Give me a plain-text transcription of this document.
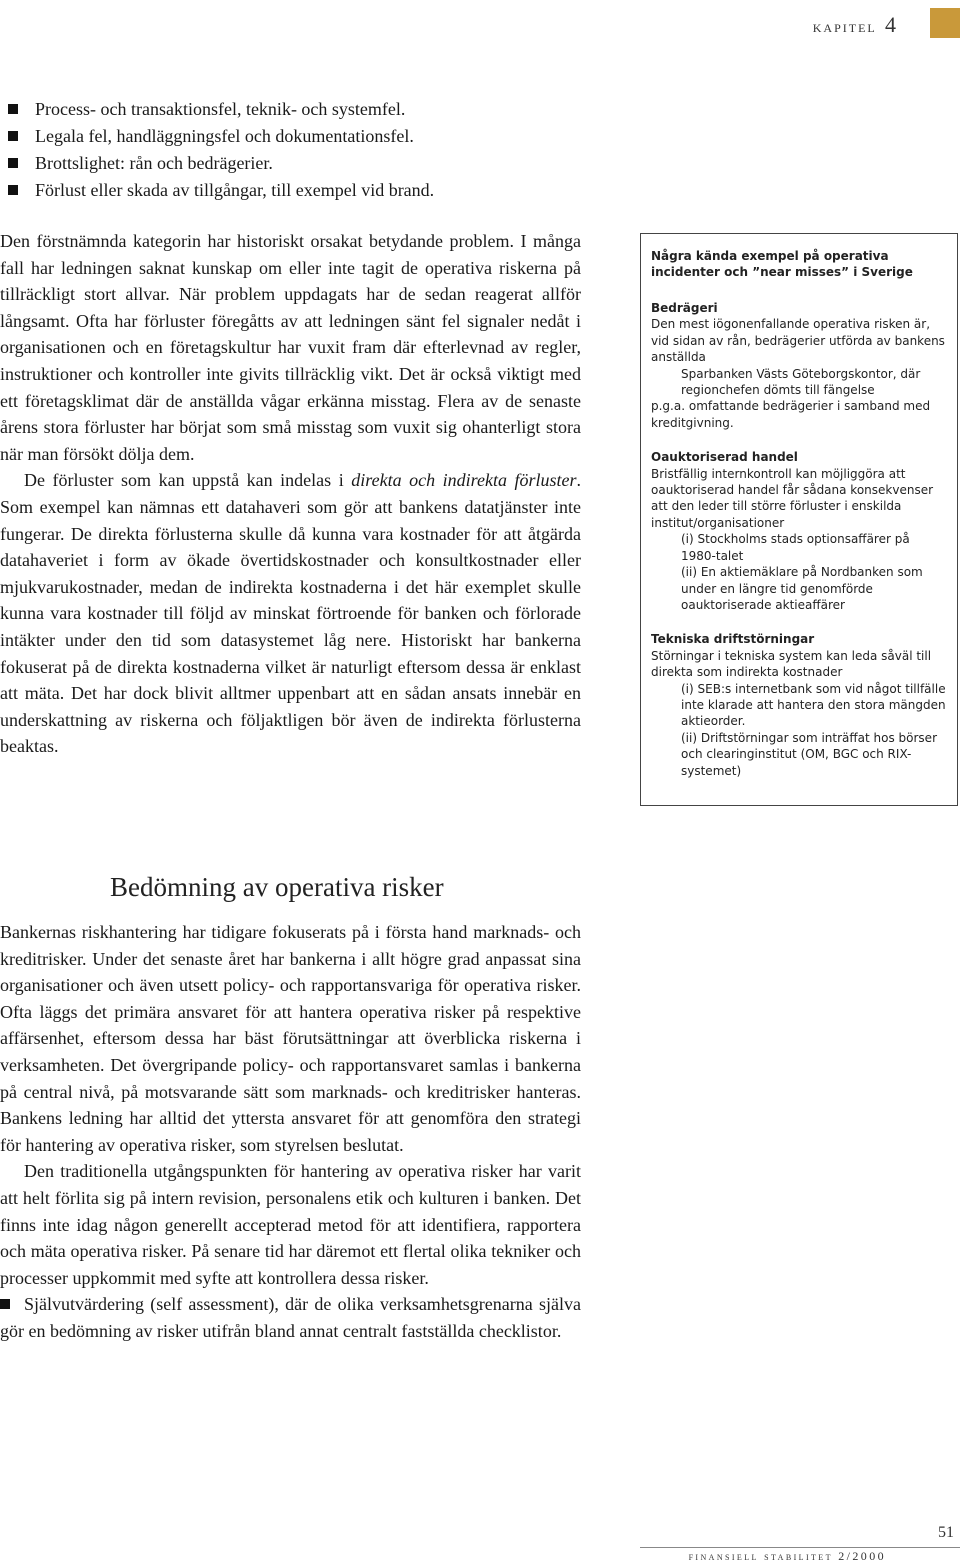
kapitel 4
Process- och transaktionsfel, teknik- och systemfel.
Legala fel, handläggningsfel och dokumentationsfel.
Brottslighet: rån och bedrägerier.
Förlust eller skada av tillgångar, till exempel vid brand.

Den förstnämnda kategorin har historiskt orsakat betydande problem. I många fall har ledningen saknat kunskap om eller inte tagit de operativa riskerna på tillräckligt stort allvar. När problem uppdagats har de sedan reagerat allför långsamt. Ofta har förluster föregåtts av att ledningen sänt fel signaler nedåt i organisationen och en företagskultur har vuxit fram där efterlevnad av regler, instruktioner och kontroller inte givits tillräcklig vikt. Det är också viktigt med ett företagsklimat där de anställda vågar erkänna misstag. Flera av de senaste årens stora förluster har börjat som små misstag som vuxit sig ohanterligt stora när man försökt dölja dem.

De förluster som kan uppstå kan indelas i direkta och indirekta förluster. Som exempel kan nämnas ett datahaveri som gör att bankens datatjänster inte fungerar. De direkta förlusterna skulle då kunna vara kostnader för att åtgärda datahaveriet i form av ökade övertidskostnader och konsultkostnader eller mjukvarukostnader, medan de indirekta kostnaderna i det här exemplet skulle kunna vara kostnader till följd av minskat förtroende för banken och förlorade intäkter under den tid som datasystemet låg nere. Historiskt har bankerna fokuserat på de direkta kostnaderna vilket är naturligt eftersom dessa är enklast att mäta. Det har dock blivit alltmer uppenbart att en sådan ansats innebär en underskattning av riskerna och följaktligen bör även de indirekta förlusterna beaktas.

Några kända exempel på operativa incidenter och ”near misses” i Sverige

Bedrägeri

Den mest iögonenfallande operativa risken är, vid sidan av rån, bedrägerier utförda av bankens anställda

Sparbanken Västs Göteborgskontor, där regionchefen dömts till fängelse

p.g.a. omfattande bedrägerier i samband med kreditgivning.

Oauktoriserad handel

Bristfällig internkontroll kan möjliggöra att oauktoriserad handel får sådana konsekvenser att den leder till större förluster i enskilda institut/organisationer

(i) Stockholms stads optionsaffärer på 1980-talet

(ii) En aktiemäklare på Nordbanken som under en längre tid genomförde oauktoriserade aktieaffärer

Tekniska driftstörningar

Störningar i tekniska system kan leda såväl till direkta som indirekta kostnader

(i) SEB:s internetbank som vid något tillfälle inte klarade att hantera den stora mängden aktieorder.

(ii) Driftstörningar som inträffat hos börser och clearinginstitut (OM, BGC och RIX-systemet)

Bedömning av operativa risker

Bankernas riskhantering har tidigare fokuserats på i första hand marknads- och kreditrisker. Under det senaste året har bankerna i allt högre grad anpassat sina organisationer och även utsett policy- och rapportansvariga för operativa risker. Ofta läggs det primära ansvaret för att hantera operativa risker på respektive affärsenhet, eftersom dessa har bäst förutsättningar att överblicka riskerna i verksamheten. Det övergripande policy- och rapportansvaret samlas i bankerna på central nivå, på motsvarande sätt som marknads- och kreditrisker hanteras. Bankens ledning har alltid det yttersta ansvaret för att genomföra den strategi för hantering av operativa risker, som styrelsen beslutat.

Den traditionella utgångspunkten för hantering av operativa risker har varit att helt förlita sig på intern revision, personalens etik och kulturen i banken. Det finns inte idag någon generellt accepterad metod för att identifiera, rapportera och mäta operativa risker. På senare tid har däremot ett flertal olika tekniker och processer uppkommit med syfte att kontrollera dessa risker.

Självutvärdering (self assessment), där de olika verksamhetsgrenarna själva gör en bedömning av risker utifrån bland annat centralt fastställda checklistor.

51
finansiell stabilitet 2/2000
